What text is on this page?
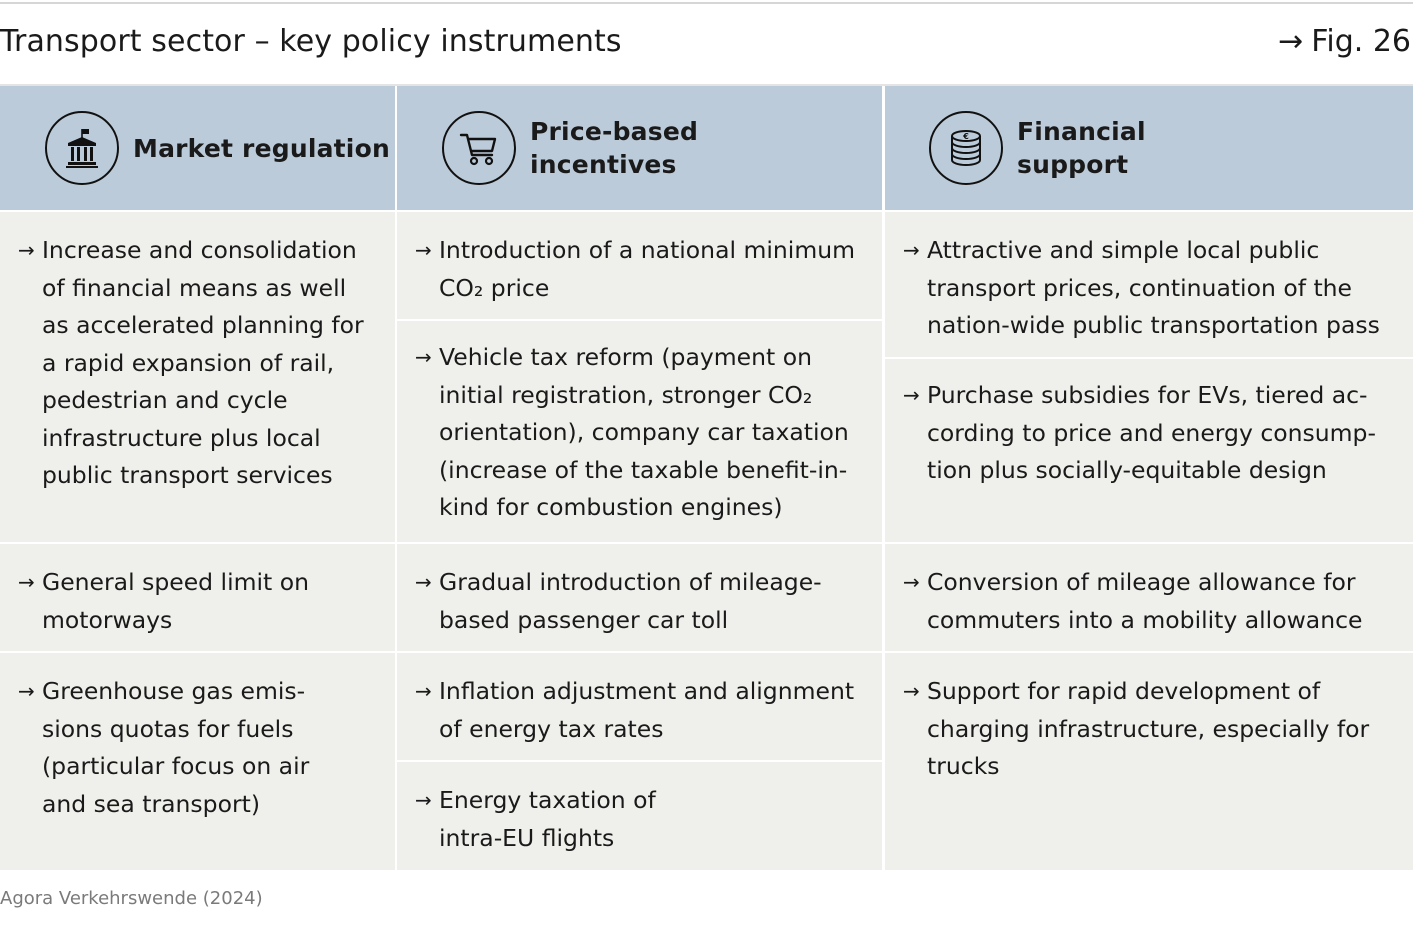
Transport sector – key policy instruments	→ Fig. 26
Market regulation
Price-based
incentives
€ Financial
support
→ Increase and consolidation of financial means as well as accelerated planning for a rapid expansion of rail, pedestrian and cycle infrastructure plus local public transport services
→ General speed limit on motorways
→ Greenhouse gas emis-sions quotas for fuels (particular focus on air and sea transport)
→ Introduction of a national minimum CO₂ price
→ Vehicle tax reform (payment on initial registration, stronger CO₂ orientation), company car taxation (increase of the taxable benefit-in-kind for combustion engines)
→ Gradual introduction of mileage-based passenger car toll
→ Inflation adjustment and alignment of energy tax rates
→ Energy taxation of intra-EU flights
→ Attractive and simple local public transport prices, continuation of the nation-wide public transportation pass
→ Purchase subsidies for EVs, tiered ac-cording to price and energy consump-tion plus socially-equitable design
→ Conversion of mileage allowance for commuters into a mobility allowance
→ Support for rapid development of charging infrastructure, especially for trucks
Agora Verkehrswende (2024)
